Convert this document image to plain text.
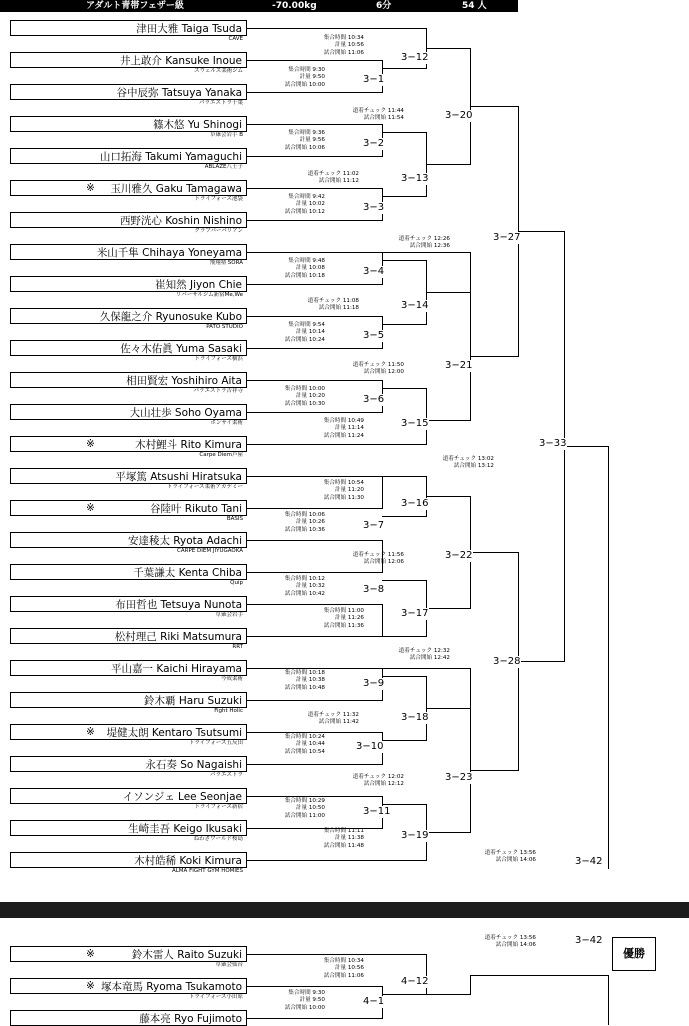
アダルト青帯フェザー級	-70.00kg	6分	54 人
優勝
津田大雅 Taiga Tsuda
CAVE
井上敢介 Kansuke Inoue
スウェルズ柔術ジム
谷中辰弥 Tatsuya Yanaka
パラエストラ千葉
篠木悠 Yu Shinogi
草薙会岩手 B
山口拓海 Takumi Yamaguchi
ABLAZE八王子
玉川雅久 Gaku Tamagawa
トライフォース池袋
※
西野洸心 Koshin Nishino
クラブバーバリアン
米山千隼 Chihaya Yoneyama
飛翔塾 SORA
崔知然 Jiyon Chie
リバーサルジム新宿Me,We
久保龍之介 Ryunosuke Kubo
PATO STUDIO
佐々木佑眞 Yuma Sasaki
トライフォース横浜
相田賢宏 Yoshihiro Aita
パラエストラ吉祥寺
大山壮歩 Soho Oyama
ボンサイ柔術
木村鯉斗 Rito Kimura
Carpe Diem芦屋
※
平塚篤 Atsushi Hiratsuka
トライフォース柔術アカデミー
谷陸叶 Rikuto Tani
BASIS
※
安達稜太 Ryota Adachi
CARPE DIEM JIYUGAOKA
千葉謙太 Kenta Chiba
Quip
布田哲也 Tetsuya Nunota
草薙会岩手
松村理己 Riki Matsumura
RRT
平山嘉一 Kaichi Hirayama
今成柔術
鈴木覇 Haru Suzuki
Fight Holic
堤健太朗 Kentaro Tsutsumi
トライフォース五反田
※
永石奏 So Nagaishi
パラエストラ
イソンジェ Lee Seonjae
トライフォース新宿
生崎圭吾 Keigo Ikusaki
ねわざワールド桜島
木村皓稀 Koki Kimura
ALMA FIGHT GYM HOMIES
鈴木雷人 Raito Suzuki
草薙会仙台
※
塚本竜馬 Ryoma Tsukamoto
トライフォース小田原
※
藤本亮 Ryo Fujimoto
3−12
集合時間 10:34
計量 10:56
試合開始 11:06
3−1
集合時間 9:30
計量 9:50
試合開始 10:00
3−20
道着チェック 11:44
試合開始 11:54
3−2
集合時間 9:36
計量 9:56
試合開始 10:06
3−13
道着チェック 11:02
試合開始 11:12
3−3
集合時間 9:42
計量 10:02
試合開始 10:12
3−27
道着チェック 12:26
試合開始 12:36
3−4
集合時間 9:48
計量 10:08
試合開始 10:18
3−14
道着チェック 11:08
試合開始 11:18
3−5
集合時間 9:54
計量 10:14
試合開始 10:24
3−21
道着チェック 11:50
試合開始 12:00
3−6
集合時間 10:00
計量 10:20
試合開始 10:30
3−15
集合時間 10:49
計量 11:14
試合開始 11:24
3−33
道着チェック 13:02
試合開始 13:12
3−16
集合時間 10:54
計量 11:20
試合開始 11:30
3−7
集合時間 10:06
計量 10:26
試合開始 10:36
3−22
道着チェック 11:56
試合開始 12:06
3−8
集合時間 10:12
計量 10:32
試合開始 10:42
3−17
集合時間 11:00
計量 11:26
試合開始 11:36
3−28
道着チェック 12:32
試合開始 12:42
3−9
集合時間 10:18
計量 10:38
試合開始 10:48
3−18
道着チェック 11:32
試合開始 11:42
3−10
集合時間 10:24
計量 10:44
試合開始 10:54
3−23
道着チェック 12:02
試合開始 12:12
3−11
集合時間 10:29
計量 10:50
試合開始 11:00
3−19
集合時間 11:11
計量 11:38
試合開始 11:48
3−42
道着チェック 13:56
試合開始 14:06
3−42
道着チェック 13:56
試合開始 14:06
4−12
集合時間 10:34
計量 10:56
試合開始 11:06
4−1
集合時間 9:30
計量 9:50
試合開始 10:00
